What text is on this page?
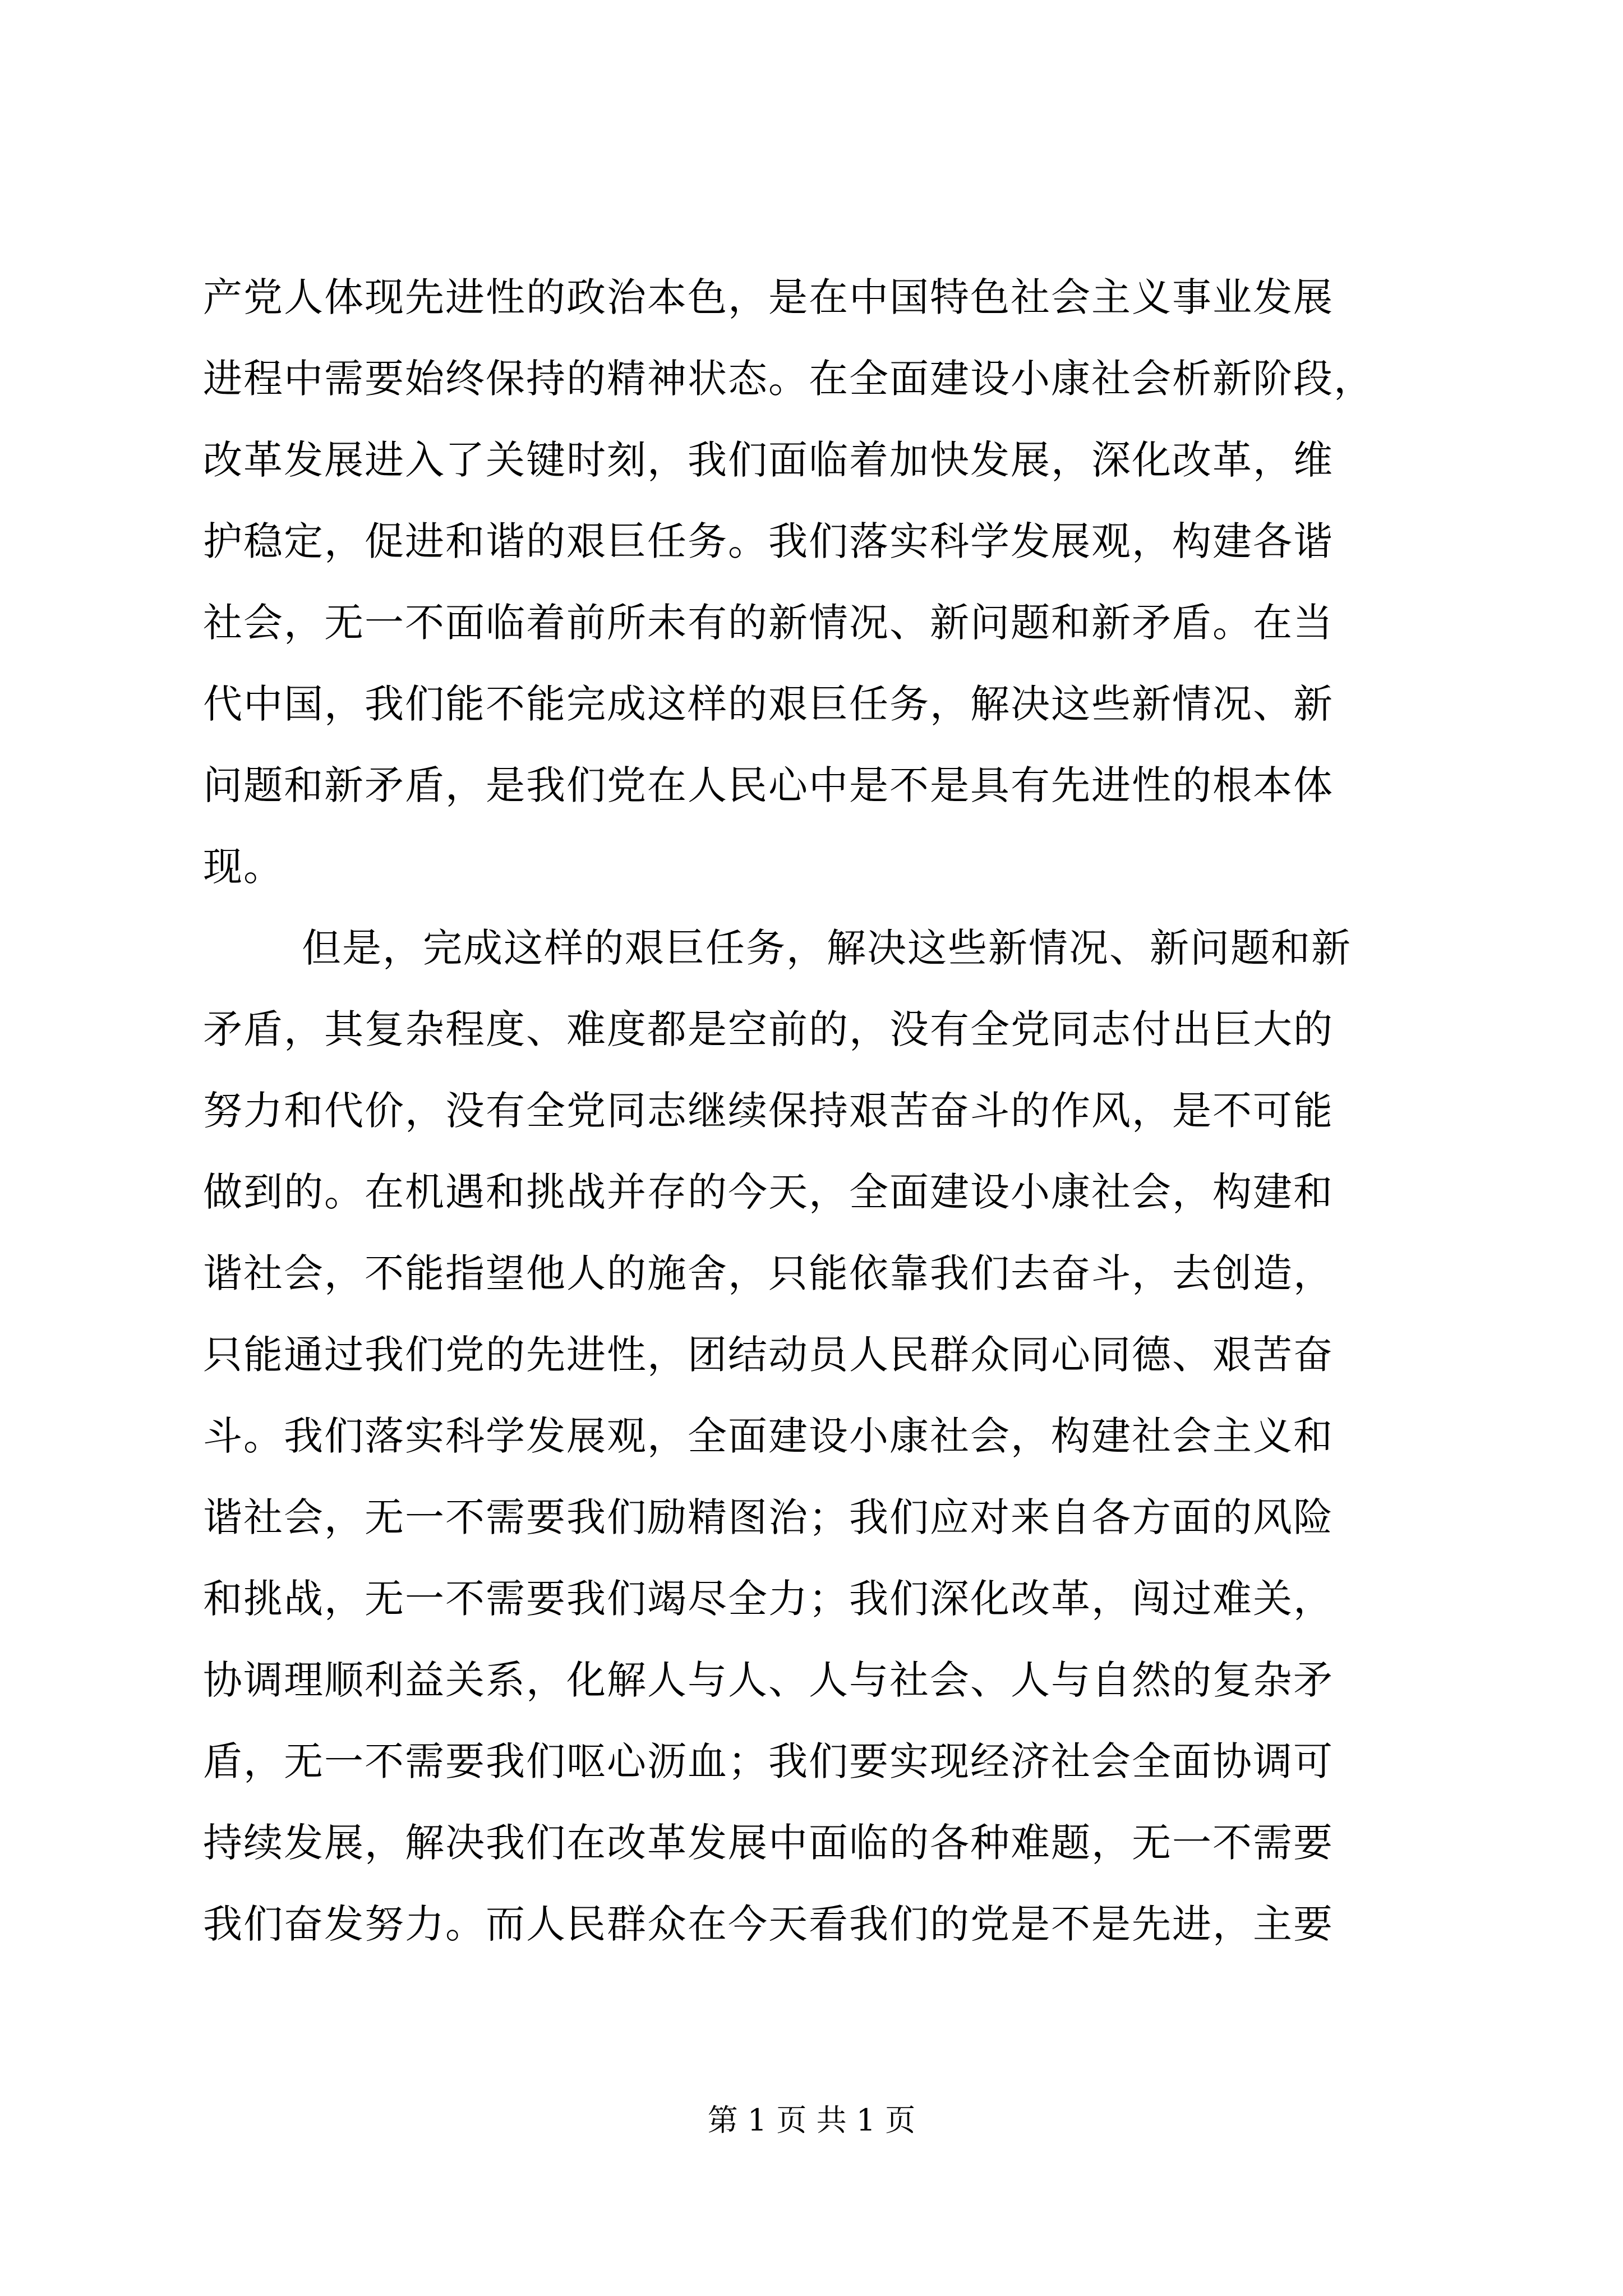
产党人体现先进性的政治本色，是在中国特色社会主义事业发展
进程中需要始终保持的精神状态。在全面建设小康社会析新阶段，
改革发展进入了关键时刻，我们面临着加快发展，深化改革，维
护稳定，促进和谐的艰巨任务。我们落实科学发展观，构建各谐
社会，无一不面临着前所未有的新情况、新问题和新矛盾。在当
代中国，我们能不能完成这样的艰巨任务，解决这些新情况、新
问题和新矛盾，是我们党在人民心中是不是具有先进性的根本体
现。
但是，完成这样的艰巨任务，解决这些新情况、新问题和新
矛盾，其复杂程度、难度都是空前的，没有全党同志付出巨大的
努力和代价，没有全党同志继续保持艰苦奋斗的作风，是不可能
做到的。在机遇和挑战并存的今天，全面建设小康社会，构建和
谐社会，不能指望他人的施舍，只能依靠我们去奋斗，去创造，
只能通过我们党的先进性，团结动员人民群众同心同德、艰苦奋
斗。我们落实科学发展观，全面建设小康社会，构建社会主义和
谐社会，无一不需要我们励精图治；我们应对来自各方面的风险
和挑战，无一不需要我们竭尽全力；我们深化改革，闯过难关，
协调理顺利益关系，化解人与人、人与社会、人与自然的复杂矛
盾，无一不需要我们呕心沥血；我们要实现经济社会全面协调可
持续发展，解决我们在改革发展中面临的各种难题，无一不需要
我们奋发努力。而人民群众在今天看我们的党是不是先进，主要
第 1 页 共 1 页
